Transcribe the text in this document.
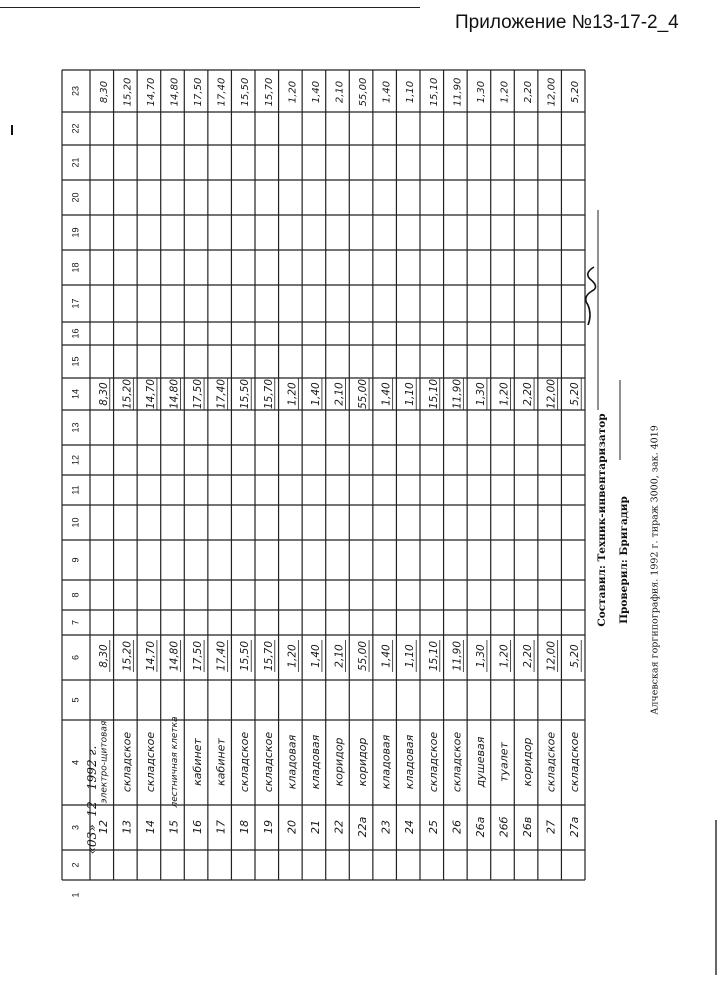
Приложение №13-17-2_4
1
2
3
4
5
6
7
8
9
10
11
12
13
14
15
16
17
18
19
20
21
22
23
12
электро-щитовая
8,30
8,30
8,30
13
складское
15,20
15,20
15,20
14
складское
14,70
14,70
14,70
15
лестничная клетка
14,80
14,80
14,80
16
кабинет
17,50
17,50
17,50
17
кабинет
17,40
17,40
17,40
18
складское
15,50
15,50
15,50
19
складское
15,70
15,70
15,70
20
кладовая
1,20
1,20
1,20
21
кладовая
1,40
1,40
1,40
22
коридор
2,10
2,10
2,10
22а
коридор
55,00
55,00
55,00
23
кладовая
1,40
1,40
1,40
24
кладовая
1,10
1,10
1,10
25
складское
15,10
15,10
15,10
26
складское
11,90
11,90
11,90
26а
душевая
1,30
1,30
1,30
26б
туалет
1,20
1,20
1,20
26в
коридор
2,20
2,20
2,20
27
складское
12,00
12,00
12,00
27а
складское
5,20
5,20
5,20
Составил: Техник-инвентаризатор Проверил: Бригадир Алчевская горгипография. 1992 г. тираж 3000, зак. 4019
«03»  12   1992 г.
